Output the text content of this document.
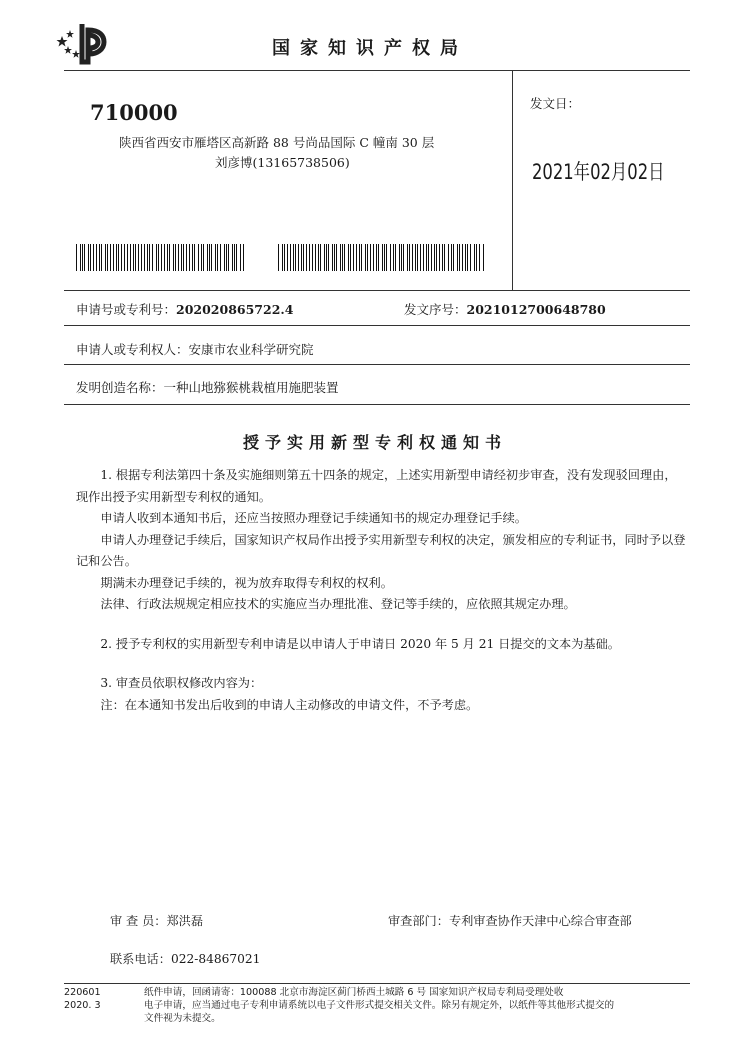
国家知识产权局
710000
陕西省西安市雁塔区高新路 88 号尚品国际 C 幢南 30 层
刘彦博(13165738506)
发文日：
2021年02月02日
申请号或专利号：202020865722.4	发文序号：2021012700648780
申请人或专利权人：安康市农业科学研究院
发明创造名称：一种山地猕猴桃栽植用施肥装置
授予实用新型专利权通知书

1. 根据专利法第四十条及实施细则第五十四条的规定，上述实用新型申请经初步审查，没有发现驳回理由，现作出授予实用新型专利权的通知。

申请人收到本通知书后，还应当按照办理登记手续通知书的规定办理登记手续。

申请人办理登记手续后，国家知识产权局作出授予实用新型专利权的决定，颁发相应的专利证书，同时予以登记和公告。

期满未办理登记手续的，视为放弃取得专利权的权利。

法律、行政法规规定相应技术的实施应当办理批准、登记等手续的，应依照其规定办理。

2. 授予专利权的实用新型专利申请是以申请人于申请日 2020 年 5 月 21 日提交的文本为基础。

3. 审查员依职权修改内容为：

注：在本通知书发出后收到的申请人主动修改的申请文件，不予考虑。

审 查 员：郑洪磊	审查部门：专利审查协作天津中心综合审查部
联系电话：022-84867021
220601
2020. 3
纸件申请，回函请寄：100088 北京市海淀区蓟门桥西土城路 6 号 国家知识产权局专利局受理处收
电子申请，应当通过电子专利申请系统以电子文件形式提交相关文件。除另有规定外，以纸件等其他形式提交的
文件视为未提交。
